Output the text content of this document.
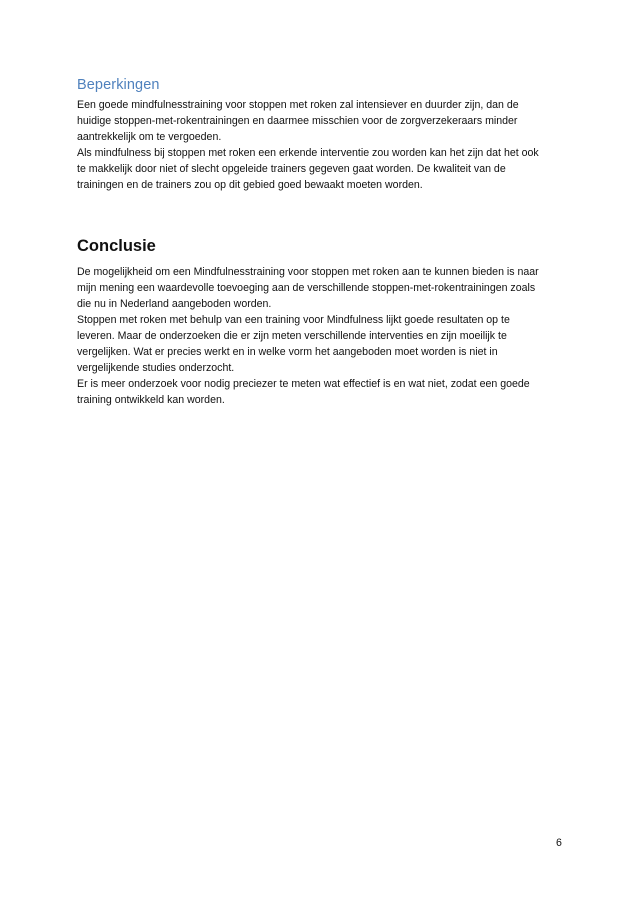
Beperkingen

Een goede mindfulnesstraining voor stoppen met roken zal intensiever en duurder zijn, dan de
huidige stoppen-met-rokentrainingen en daarmee misschien voor de zorgverzekeraars minder
aantrekkelijk om te vergoeden.

Als mindfulness bij stoppen met roken een erkende interventie zou worden kan het zijn dat het ook
te makkelijk door niet of slecht opgeleide trainers gegeven gaat worden. De kwaliteit van de
trainingen en de trainers zou op dit gebied goed bewaakt moeten worden.

Conclusie

De mogelijkheid om een Mindfulnesstraining voor stoppen met roken aan te kunnen bieden is naar
mijn mening een waardevolle toevoeging aan de verschillende stoppen-met-rokentrainingen zoals
die nu in Nederland aangeboden worden.

Stoppen met roken met behulp van een training voor Mindfulness lijkt goede resultaten op te
leveren. Maar de onderzoeken die er zijn meten verschillende interventies en zijn moeilijk te
vergelijken. Wat er precies werkt en in welke vorm het aangeboden moet worden is niet in
vergelijkende studies onderzocht.

Er is meer onderzoek voor nodig preciezer te meten wat effectief is en wat niet, zodat een goede
training ontwikkeld kan worden.

6
